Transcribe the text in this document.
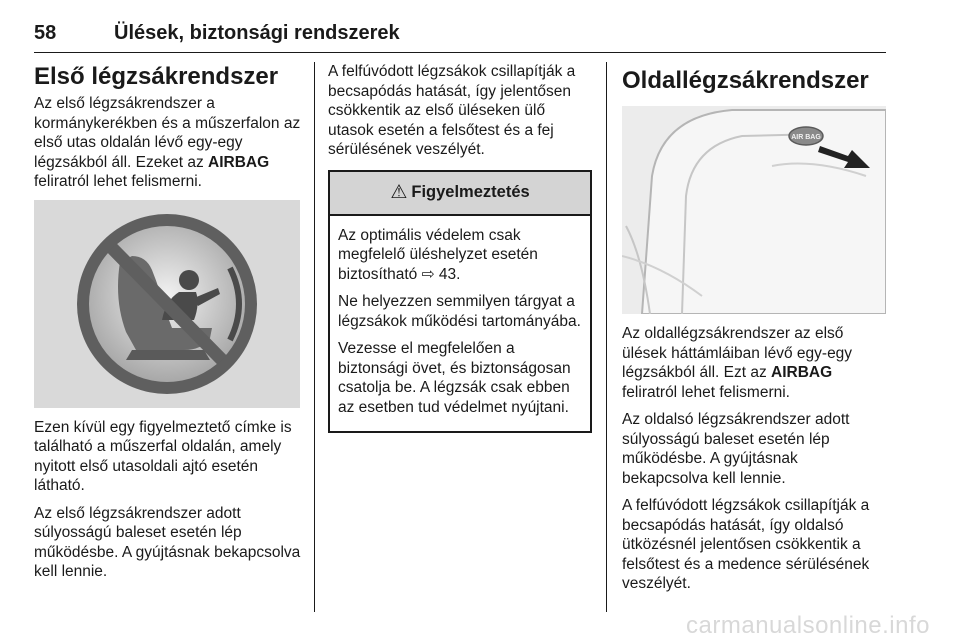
58	Ülések, biztonsági rendszerek
Első légzsákrendszer

Az első légzsákrendszer a kormánykerékben és a műszerfalon az első utas oldalán lévő egy-egy légzsákból áll. Ezeket az AIRBAG feliratról lehet felismerni.

Ezen kívül egy figyelmeztető címke is található a műszerfal oldalán, amely nyitott első utasoldali ajtó esetén látható.

Az első légzsákrendszer adott súlyosságú baleset esetén lép működésbe. A gyújtásnak bekapcsolva kell lennie.

A felfúvódott légzsákok csillapítják a becsapódás hatását, így jelentősen csökkentik az első üléseken ülő utasok esetén a felsőtest és a fej sérülésének veszélyét.

⚠ Figyelmeztetés

Az optimális védelem csak megfelelő üléshelyzet esetén biztosítható ⇨ 43.

Ne helyezzen semmilyen tárgyat a légzsákok működési tartományába.

Vezesse el megfelelően a biztonsági övet, és biztonságosan csatolja be. A légzsák csak ebben az esetben tud védelmet nyújtani.

Oldallégzsákrendszer
AIR BAG

Az oldallégzsákrendszer az első ülések háttámláiban lévő egy-egy légzsákból áll. Ezt az AIRBAG feliratról lehet felismerni.

Az oldalsó légzsákrendszer adott súlyosságú baleset esetén lép működésbe. A gyújtásnak bekapcsolva kell lennie.

A felfúvódott légzsákok csillapítják a becsapódás hatását, így oldalsó ütközésnél jelentősen csökkentik a felsőtest és a medence sérülésének veszélyét.

carmanualsonline.info
